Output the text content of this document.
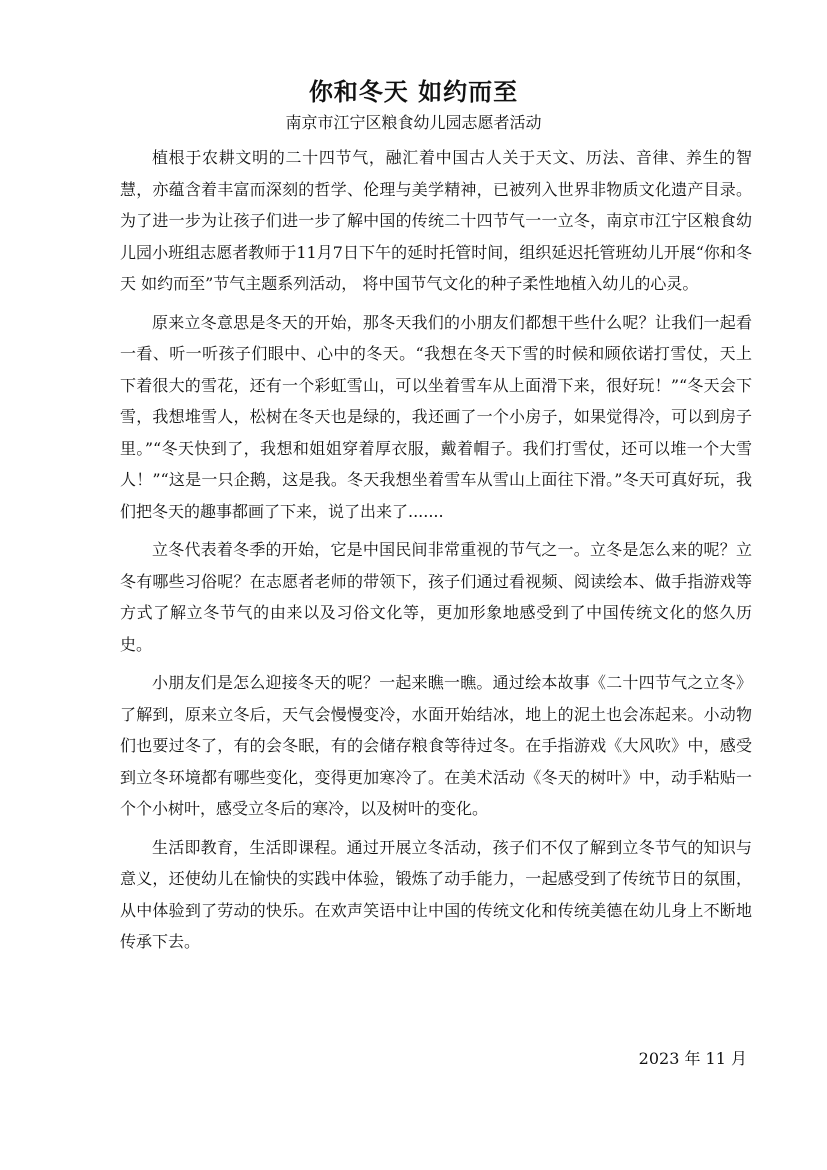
你和冬天 如约而至

南京市江宁区粮食幼儿园志愿者活动

植根于农耕文明的二十四节气，融汇着中国古人关于天文、历法、音律、养生的智慧，亦蕴含着丰富而深刻的哲学、伦理与美学精神，已被列入世界非物质文化遗产目录。为了进一步为让孩子们进一步了解中国的传统二十四节气一一立冬，南京市江宁区粮食幼儿园小班组志愿者教师于11月7日下午的延时托管时间，组织延迟托管班幼儿开展“你和冬天 如约而至”节气主题系列活动， 将中国节气文化的种子柔性地植入幼儿的心灵。

原来立冬意思是冬天的开始，那冬天我们的小朋友们都想干些什么呢？让我们一起看一看、听一听孩子们眼中、心中的冬天。“我想在冬天下雪的时候和顾依诺打雪仗，天上下着很大的雪花，还有一个彩虹雪山，可以坐着雪车从上面滑下来，很好玩！”“冬天会下雪，我想堆雪人，松树在冬天也是绿的，我还画了一个小房子，如果觉得冷，可以到房子里。”“冬天快到了，我想和姐姐穿着厚衣服，戴着帽子。我们打雪仗，还可以堆一个大雪人！”“这是一只企鹅，这是我。冬天我想坐着雪车从雪山上面往下滑。”冬天可真好玩，我们把冬天的趣事都画了下来，说了出来了.......

立冬代表着冬季的开始，它是中国民间非常重视的节气之一。立冬是怎么来的呢？立冬有哪些习俗呢？在志愿者老师的带领下，孩子们通过看视频、阅读绘本、做手指游戏等方式了解立冬节气的由来以及习俗文化等，更加形象地感受到了中国传统文化的悠久历史。

小朋友们是怎么迎接冬天的呢？一起来瞧一瞧。通过绘本故事《二十四节气之立冬》了解到，原来立冬后，天气会慢慢变冷，水面开始结冰，地上的泥土也会冻起来。小动物们也要过冬了，有的会冬眠，有的会储存粮食等待过冬。在手指游戏《大风吹》中，感受到立冬环境都有哪些变化，变得更加寒冷了。在美术活动《冬天的树叶》中，动手粘贴一个个小树叶，感受立冬后的寒冷，以及树叶的变化。

生活即教育，生活即课程。通过开展立冬活动，孩子们不仅了解到立冬节气的知识与意义，还使幼儿在愉快的实践中体验，锻炼了动手能力，一起感受到了传统节日的氛围，从中体验到了劳动的快乐。在欢声笑语中让中国的传统文化和传统美德在幼儿身上不断地传承下去。

2023 年 11 月
